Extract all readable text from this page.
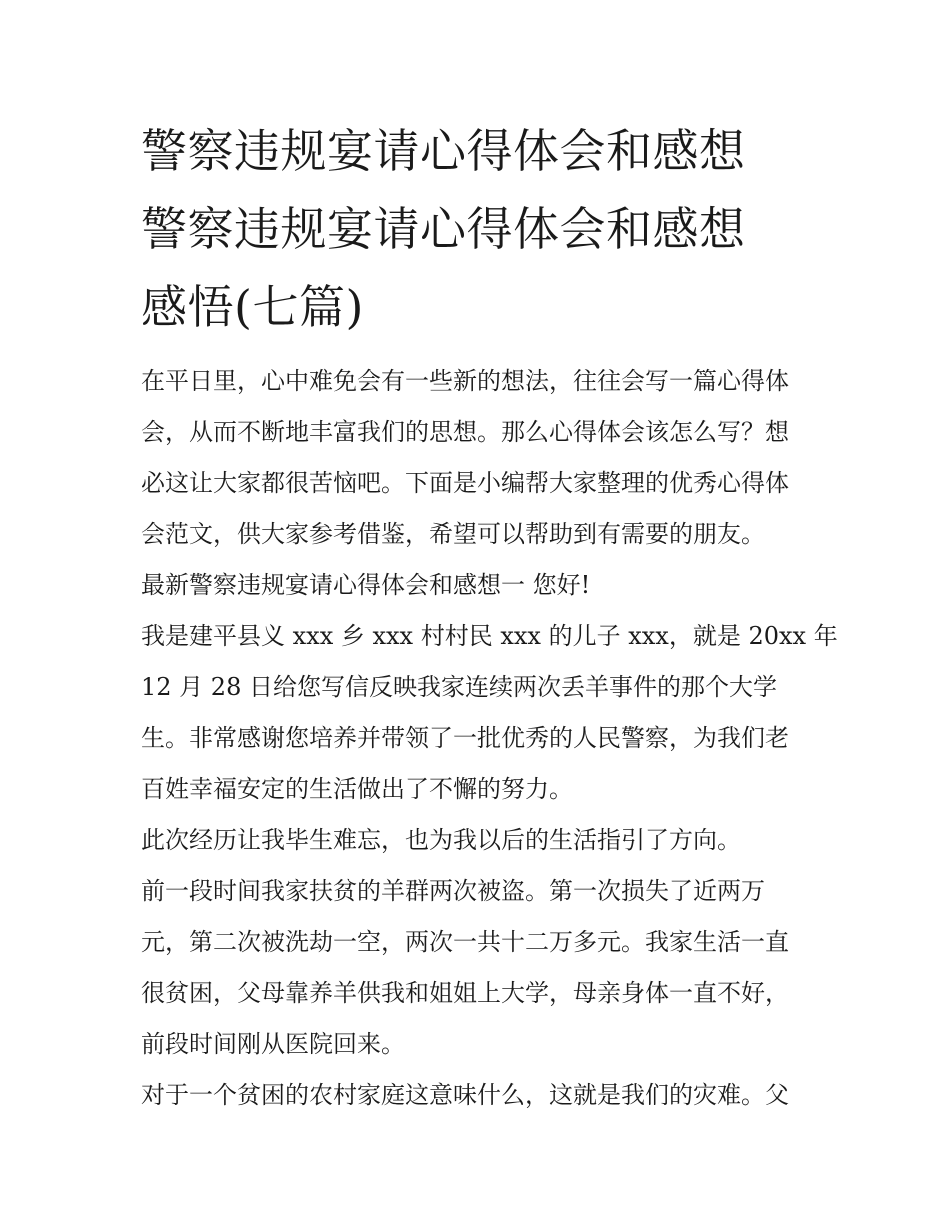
警察违规宴请心得体会和感想
警察违规宴请心得体会和感想
感悟(七篇)

在平日里，心中难免会有一些新的想法，往往会写一篇心得体
会，从而不断地丰富我们的思想。那么心得体会该怎么写？想
必这让大家都很苦恼吧。下面是小编帮大家整理的优秀心得体
会范文，供大家参考借鉴，希望可以帮助到有需要的朋友。

最新警察违规宴请心得体会和感想一 您好!

我是建平县义 xxx 乡 xxx 村村民 xxx 的儿子 xxx，就是 20xx 年
12 月 28 日给您写信反映我家连续两次丢羊事件的那个大学
生。非常感谢您培养并带领了一批优秀的人民警察，为我们老
百姓幸福安定的生活做出了不懈的努力。

此次经历让我毕生难忘，也为我以后的生活指引了方向。

前一段时间我家扶贫的羊群两次被盗。第一次损失了近两万
元，第二次被洗劫一空，两次一共十二万多元。我家生活一直
很贫困，父母靠养羊供我和姐姐上大学，母亲身体一直不好，
前段时间刚从医院回来。

对于一个贫困的农村家庭这意味什么，这就是我们的灾难。父
